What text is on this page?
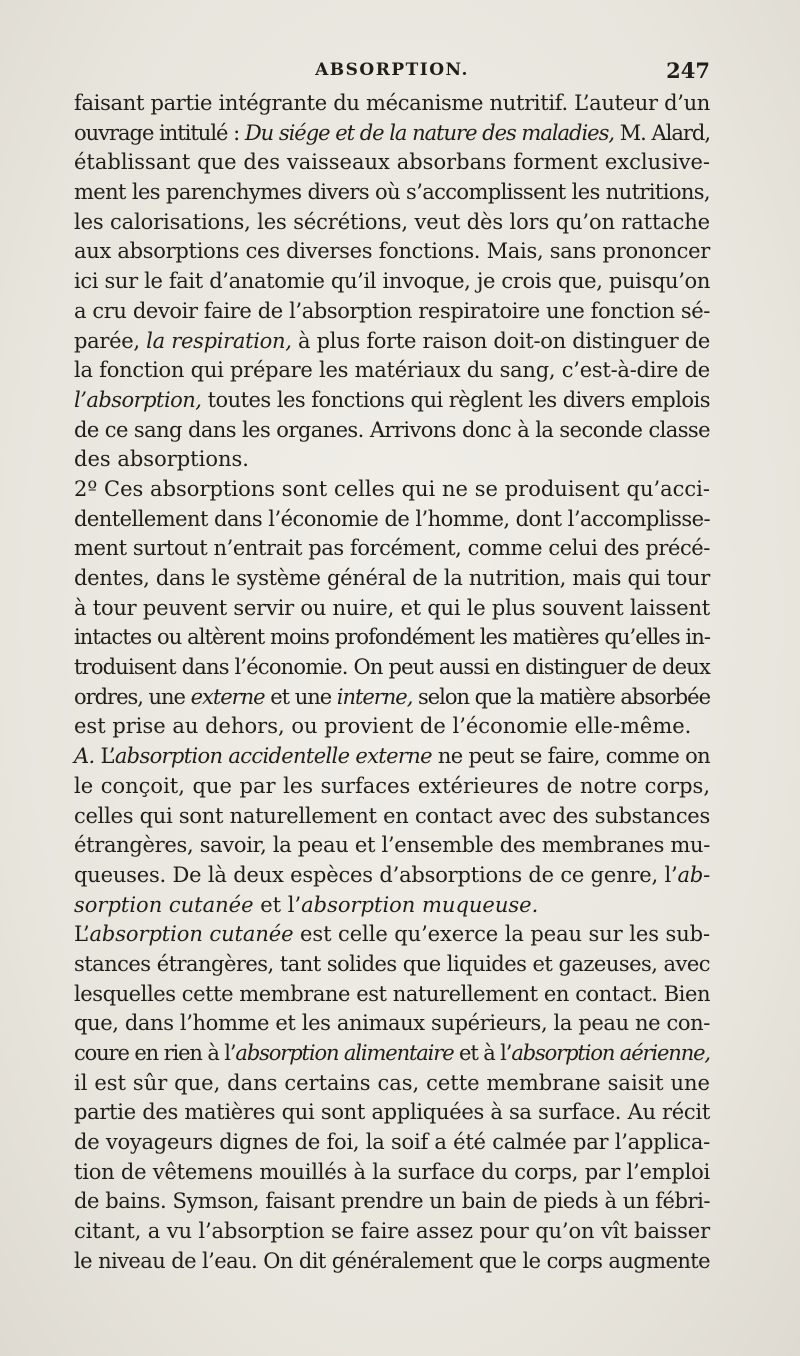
ABSORPTION.	247
faisant partie intégrante du mécanisme nutritif. L’auteur d’un
ouvrage intitulé : Du siége et de la nature des maladies, M. Alard,
établissant que des vaisseaux absorbans forment exclusive-
ment les parenchymes divers où s’accomplissent les nutritions,
les calorisations, les sécrétions, veut dès lors qu’on rattache
aux absorptions ces diverses fonctions. Mais, sans prononcer
ici sur le fait d’anatomie qu’il invoque, je crois que, puisqu’on
a cru devoir faire de l’absorption respiratoire une fonction sé-
parée, la respiration, à plus forte raison doit-on distinguer de
la fonction qui prépare les matériaux du sang, c’est-à-dire de
l’absorption, toutes les fonctions qui règlent les divers emplois
de ce sang dans les organes. Arrivons donc à la seconde classe
des absorptions.
2º Ces absorptions sont celles qui ne se produisent qu’acci-
dentellement dans l’économie de l’homme, dont l’accomplisse-
ment surtout n’entrait pas forcément, comme celui des précé-
dentes, dans le système général de la nutrition, mais qui tour
à tour peuvent servir ou nuire, et qui le plus souvent laissent
intactes ou altèrent moins profondément les matières qu’elles in-
troduisent dans l’économie. On peut aussi en distinguer de deux
ordres, une externe et une interne, selon que la matière absorbée
est prise au dehors, ou provient de l’économie elle-même.
A. L’absorption accidentelle externe ne peut se faire, comme on
le conçoit, que par les surfaces extérieures de notre corps,
celles qui sont naturellement en contact avec des substances
étrangères, savoir, la peau et l’ensemble des membranes mu-
queuses. De là deux espèces d’absorptions de ce genre, l’ab-
sorption cutanée et l’absorption muqueuse.
L’absorption cutanée est celle qu’exerce la peau sur les sub-
stances étrangères, tant solides que liquides et gazeuses, avec
lesquelles cette membrane est naturellement en contact. Bien
que, dans l’homme et les animaux supérieurs, la peau ne con-
coure en rien à l’absorption alimentaire et à l’absorption aérienne,
il est sûr que, dans certains cas, cette membrane saisit une
partie des matières qui sont appliquées à sa surface. Au récit
de voyageurs dignes de foi, la soif a été calmée par l’applica-
tion de vêtemens mouillés à la surface du corps, par l’emploi
de bains. Symson, faisant prendre un bain de pieds à un fébri-
citant, a vu l’absorption se faire assez pour qu’on vît baisser
le niveau de l’eau. On dit généralement que le corps augmente
